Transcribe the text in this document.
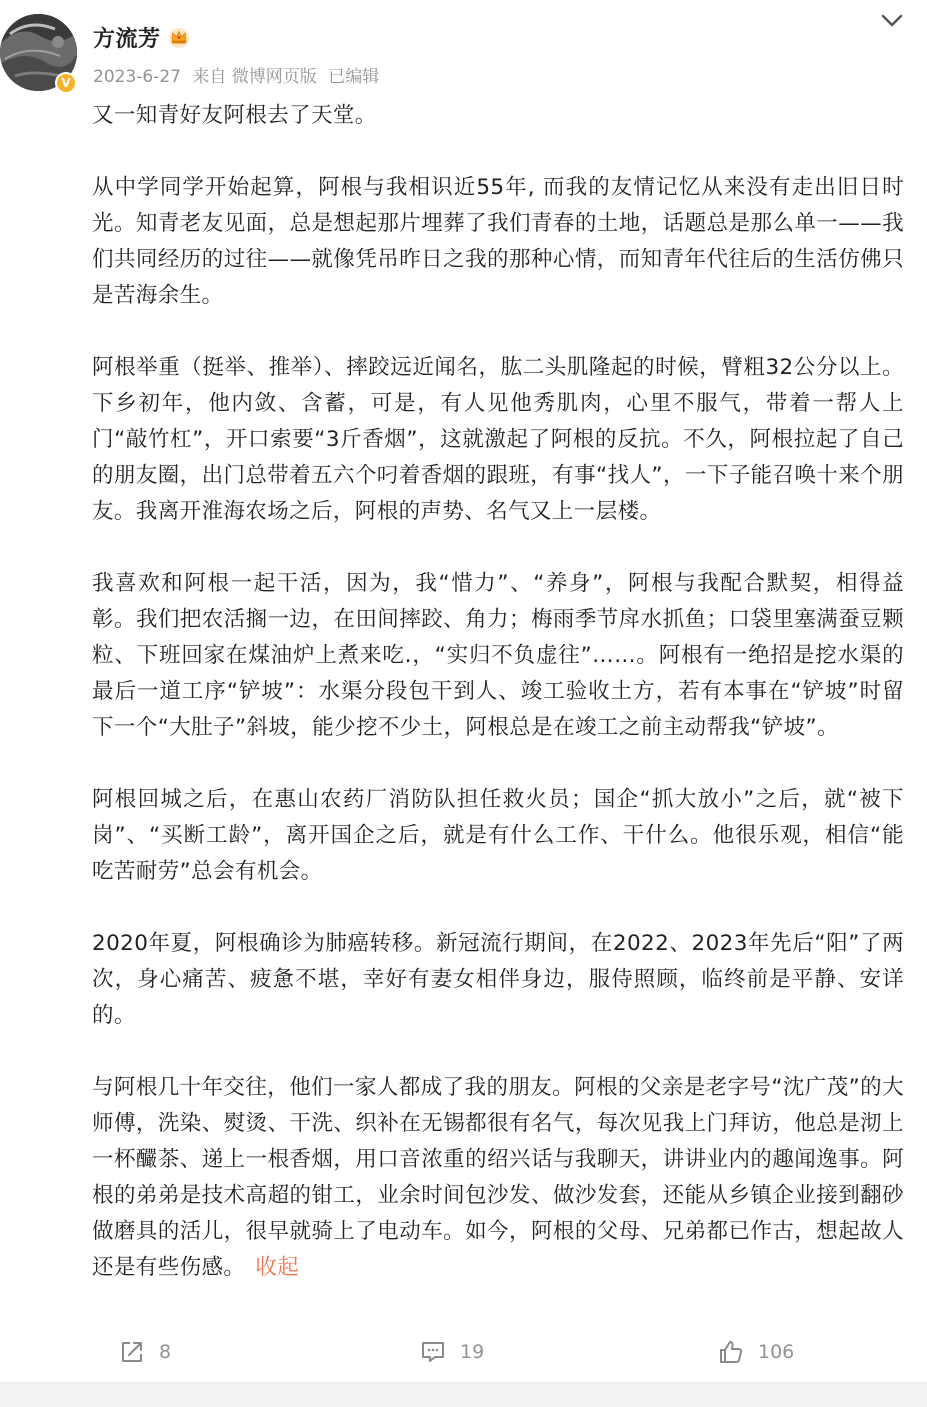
V
方流芳
2023-6-27 来自 微博网页版 已编辑

又一知青好友阿根去了天堂。

从中学同学开始起算，阿根与我相识近55年, 而我的友情记忆从来没有走出旧日时光。知青老友见面，总是想起那片埋葬了我们青春的土地，话题总是那么单一——我们共同经历的过往——就像凭吊昨日之我的那种心情，而知青年代往后的生活仿佛只是苦海余生。

阿根举重（挺举、推举）、摔跤远近闻名，肱二头肌隆起的时候，臂粗32公分以上。下乡初年，他内敛、含蓄，可是，有人见他秀肌肉，心里不服气，带着一帮人上门“敲竹杠”，开口索要“3斤香烟”，这就激起了阿根的反抗。不久，阿根拉起了自己的朋友圈，出门总带着五六个叼着香烟的跟班，有事“找人”，一下子能召唤十来个朋友。我离开淮海农场之后，阿根的声势、名气又上一层楼。

我喜欢和阿根一起干活，因为，我“惜力”、“养身”，阿根与我配合默契，相得益彰。我们把农活搁一边，在田间摔跤、角力；梅雨季节戽水抓鱼；口袋里塞满蚕豆颗粒、下班回家在煤油炉上煮来吃.，“实归不负虚往”……。阿根有一绝招是挖水渠的最后一道工序“铲坡”：水渠分段包干到人、竣工验收土方，若有本事在“铲坡”时留下一个“大肚子”斜坡，能少挖不少土，阿根总是在竣工之前主动帮我“铲坡”。

阿根回城之后，在惠山农药厂消防队担任救火员；国企“抓大放小”之后，就“被下岗”、“买断工龄”，离开国企之后，就是有什么工作、干什么。他很乐观，相信“能吃苦耐劳”总会有机会。

2020年夏，阿根确诊为肺癌转移。新冠流行期间，在2022、2023年先后“阳”了两次，身心痛苦、疲惫不堪，幸好有妻女相伴身边，服侍照顾，临终前是平静、安详的。

与阿根几十年交往，他们一家人都成了我的朋友。阿根的父亲是老字号“沈广茂”的大师傅，洗染、熨烫、干洗、织补在无锡都很有名气，每次见我上门拜访，他总是沏上一杯釅茶、递上一根香烟，用口音浓重的绍兴话与我聊天，讲讲业内的趣闻逸事。阿根的弟弟是技术高超的钳工，业余时间包沙发、做沙发套，还能从乡镇企业接到翻砂做磨具的活儿，很早就骑上了电动车。如今，阿根的父母、兄弟都已作古，想起故人还是有些伤感。 收起

8	19	106
